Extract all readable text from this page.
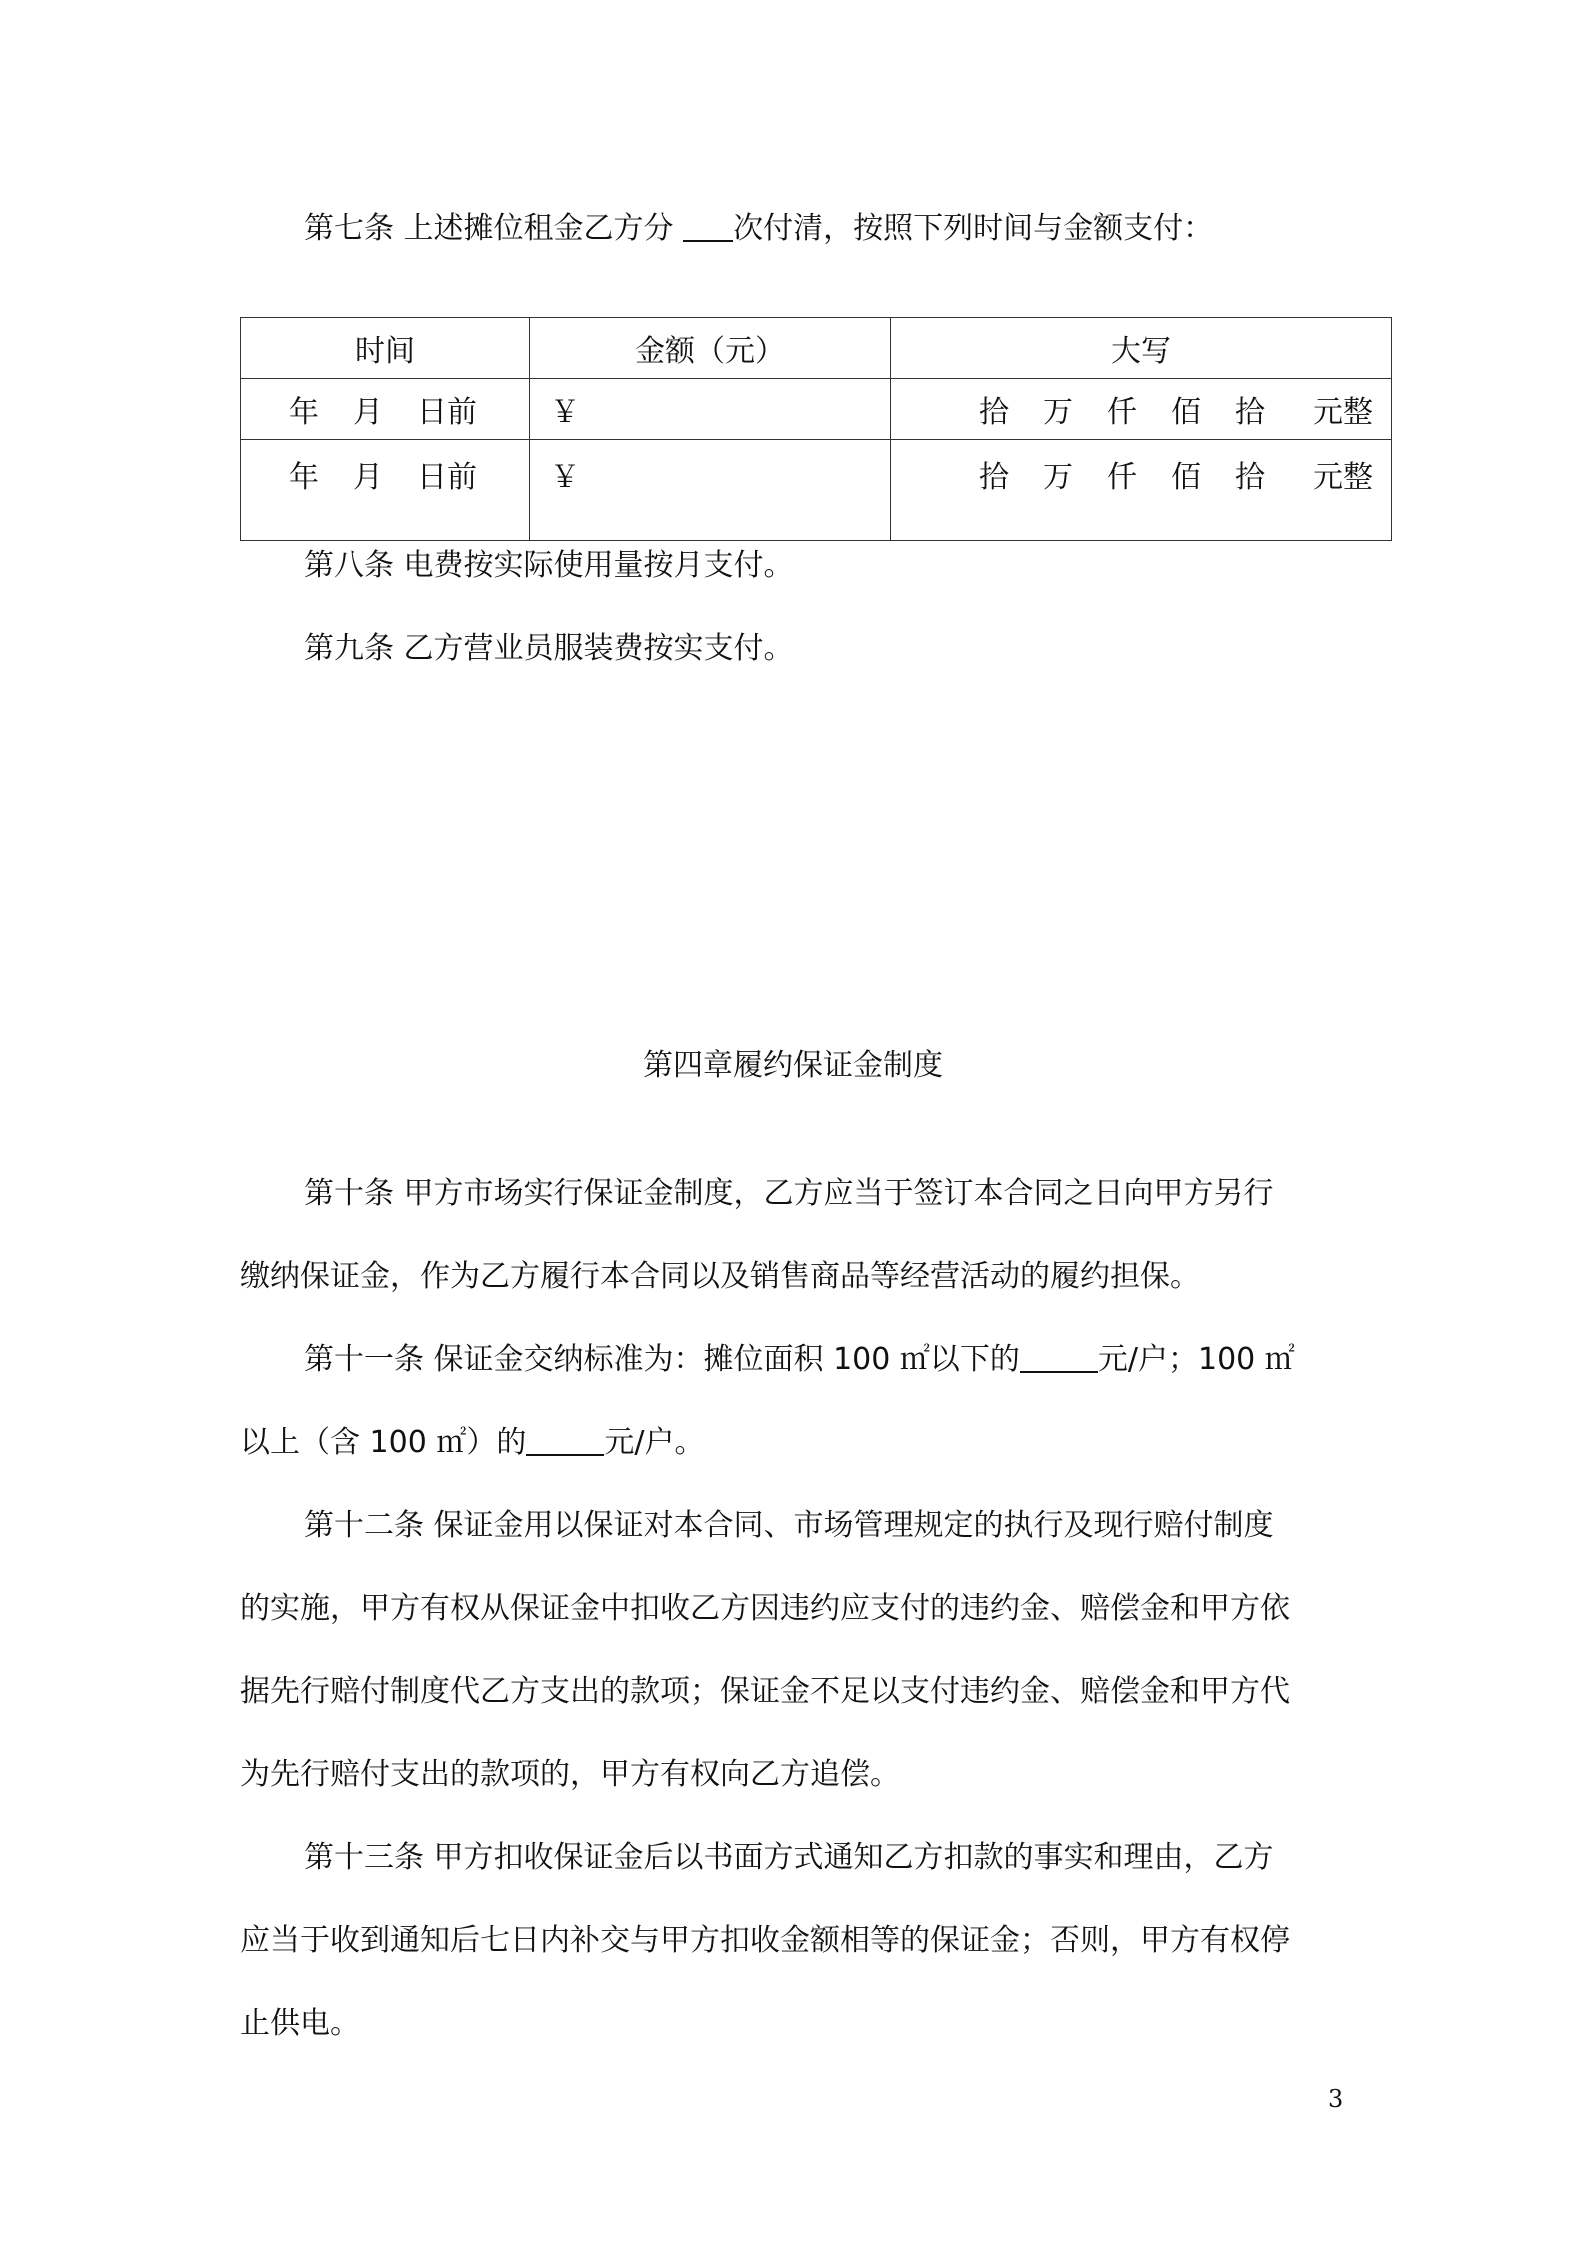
第七条 上述摊位租金乙方分 次付清，按照下列时间与金额支付：

时间	金额（元）	大写
年 月 日前	￥	拾 万 仟 佰 拾 元整
年 月 日前	￥	拾 万 仟 佰 拾 元整

第八条 电费按实际使用量按月支付。

第九条 乙方营业员服装费按实支付。

第四章履约保证金制度

第十条 甲方市场实行保证金制度，乙方应当于签订本合同之日向甲方另行
缴纳保证金，作为乙方履行本合同以及销售商品等经营活动的履约担保。

第十一条 保证金交纳标准为：摊位面积 100 ㎡以下的	元/户；100 ㎡
以上（含 100 ㎡）的	元/户。

第十二条 保证金用以保证对本合同、市场管理规定的执行及现行赔付制度
的实施，甲方有权从保证金中扣收乙方因违约应支付的违约金、赔偿金和甲方依
据先行赔付制度代乙方支出的款项；保证金不足以支付违约金、赔偿金和甲方代
为先行赔付支出的款项的，甲方有权向乙方追偿。

第十三条 甲方扣收保证金后以书面方式通知乙方扣款的事实和理由，乙方
应当于收到通知后七日内补交与甲方扣收金额相等的保证金；否则，甲方有权停
止供电。

3
